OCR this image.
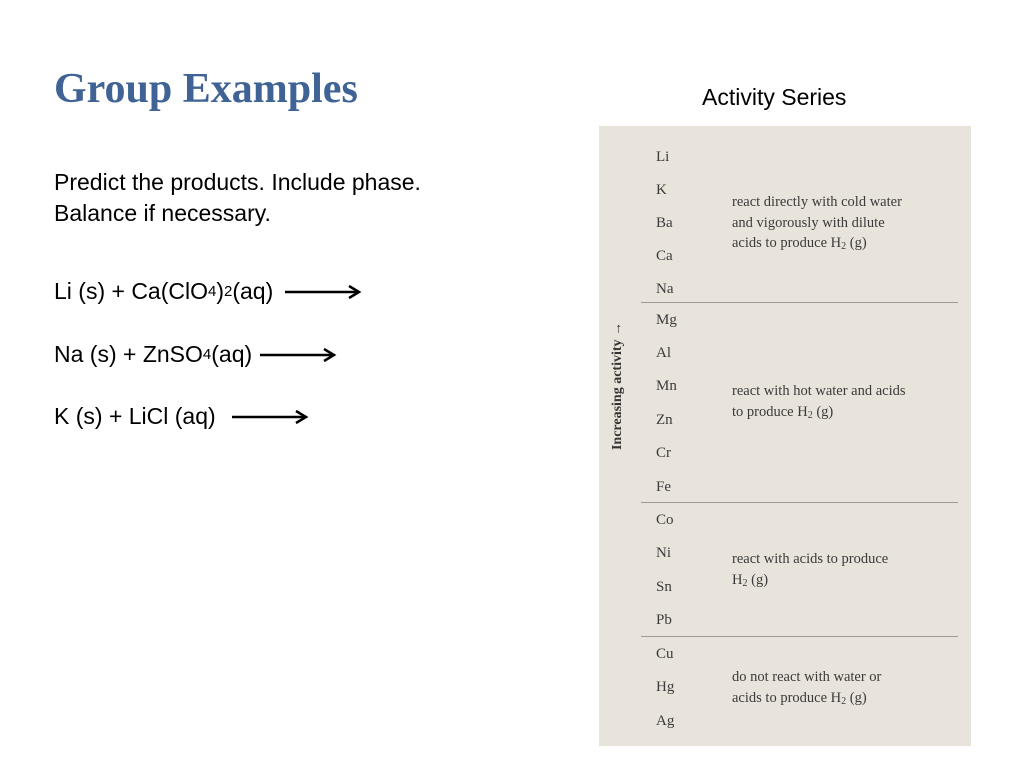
Group Examples	Activity Series
Predict the products. Include phase.
Balance if necessary.
Li (s) + Ca(ClO 4 ) 2 (aq) →
Na (s) + ZnSO 4 (aq) →
K (s) + LiCl (aq) →	Increasing activity →
Li
K
Ba
Ca
Na
react directly with cold water
and vigorously with dilute
acids to produce $H_2$ (g)
Mg
Al
Mn
Zn
Cr
Fe
react with hot water and acids
to produce $H_2$ (g)
Co
Ni
Sn
Pb
react with acids to produce
$H_2$ (g)
Cu
Hg
Ag
do not react with water or
acids to produce $H_2$ (g)
